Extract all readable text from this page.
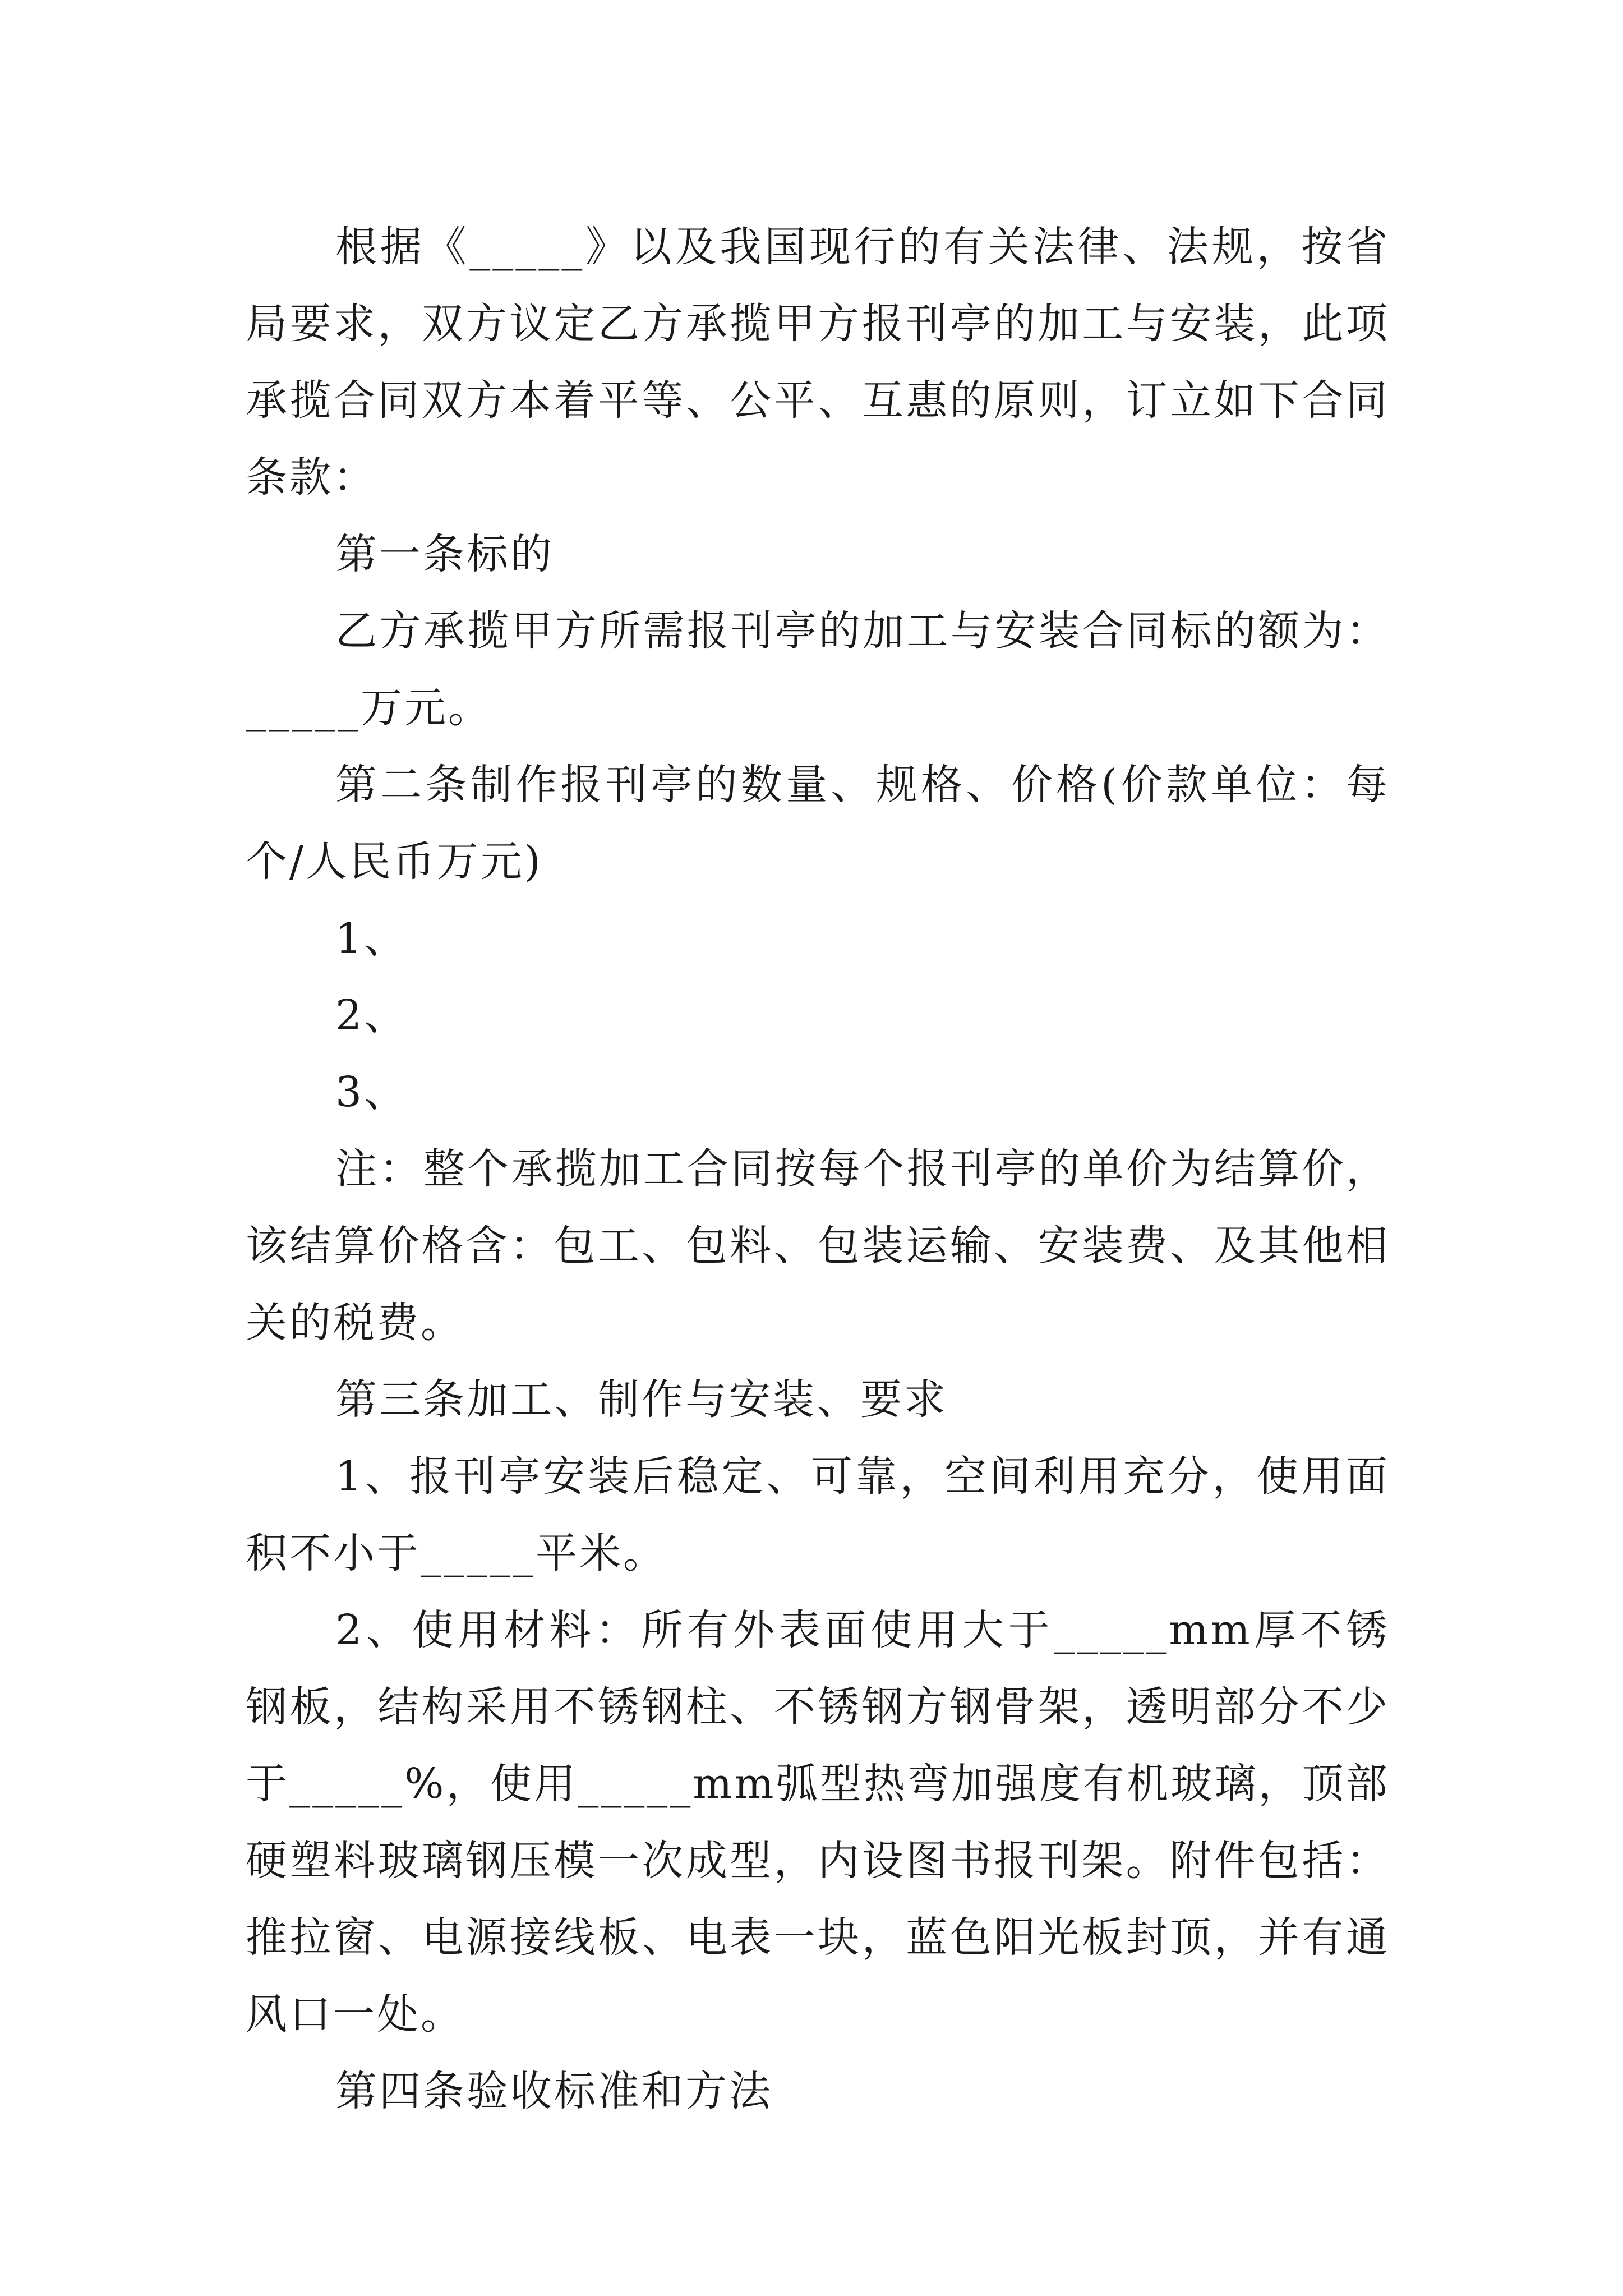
根据《_____》以及我国现行的有关法律、法规，按省局要求，双方议定乙方承揽甲方报刊亭的加工与安装，此项承揽合同双方本着平等、公平、互惠的原则，订立如下合同条款：

第一条标的

乙方承揽甲方所需报刊亭的加工与安装合同标的额为：_____万元。

第二条制作报刊亭的数量、规格、价格(价款单位：每个/人民币万元)

1、

2、

3、

注：整个承揽加工合同按每个报刊亭的单价为结算价，该结算价格含：包工、包料、包装运输、安装费、及其他相关的税费。

第三条加工、制作与安装、要求

1、报刊亭安装后稳定、可靠，空间利用充分，使用面积不小于_____平米。

2、使用材料：所有外表面使用大于_____mm厚不锈钢板，结构采用不锈钢柱、不锈钢方钢骨架，透明部分不少于_____%，使用_____mm弧型热弯加强度有机玻璃，顶部硬塑料玻璃钢压模一次成型，内设图书报刊架。附件包括：推拉窗、电源接线板、电表一块，蓝色阳光板封顶，并有通风口一处。

第四条验收标准和方法
